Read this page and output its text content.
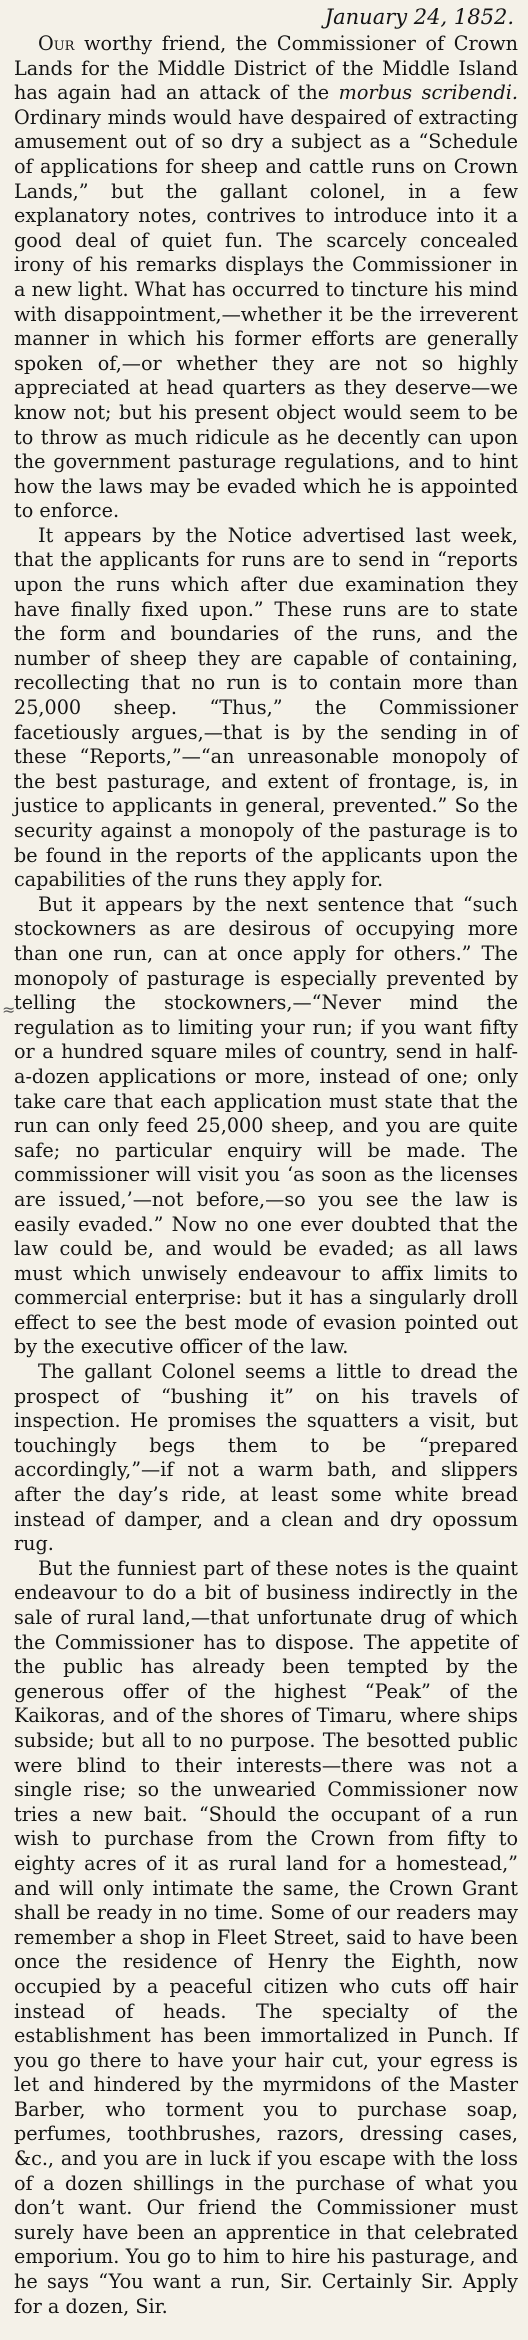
January 24, 1852.

Our worthy friend, the Commissioner of Crown Lands for the Middle District of the Middle Island has again had an attack of the morbus scribendi. Ordinary minds would have despaired of extracting amusement out of so dry a subject as a “Schedule of applications for sheep and cattle runs on Crown Lands,” but the gallant colonel, in a few explanatory notes, contrives to introduce into it a good deal of quiet fun. The scarcely concealed irony of his remarks displays the Commissioner in a new light. What has occurred to tincture his mind with disappointment,—whether it be the irreverent manner in which his former efforts are generally spoken of,—or whether they are not so highly appreciated at head quarters as they deserve—we know not; but his present object would seem to be to throw as much ridicule as he decently can upon the government pasturage regulations, and to hint how the laws may be evaded which he is appointed to enforce.

It appears by the Notice advertised last week, that the applicants for runs are to send in “reports upon the runs which after due examination they have finally fixed upon.” These runs are to state the form and boundaries of the runs, and the number of sheep they are capable of containing, recollecting that no run is to contain more than 25,000 sheep. “Thus,” the Commissioner facetiously argues,—that is by the sending in of these “Reports,”—“an unreasonable monopoly of the best pasturage, and extent of frontage, is, in justice to applicants in general, prevented.” So the security against a monopoly of the pasturage is to be found in the reports of the applicants upon the capabilities of the runs they apply for.

But it appears by the next sentence that “such stockowners as are desirous of occupying more than one run, can at once apply for others.” The monopoly of pasturage is especially prevented by telling the stockowners,—“Never mind the regulation as to limiting your run; if you want fifty or a hundred square miles of country, send in half-a-dozen applications or more, instead of one; only take care that each application must state that the run can only feed 25,000 sheep, and you are quite safe; no particular enquiry will be made. The commissioner will visit you ‘as soon as the licenses are issued,’—not before,—so you see the law is easily evaded.” Now no one ever doubted that the law could be, and would be evaded; as all laws must which unwisely endeavour to affix limits to commercial enterprise: but it has a singularly droll effect to see the best mode of evasion pointed out by the executive officer of the law.

The gallant Colonel seems a little to dread the prospect of “bushing it” on his travels of inspection. He promises the squatters a visit, but touchingly begs them to be “prepared accordingly,”—if not a warm bath, and slippers after the day’s ride, at least some white bread instead of damper, and a clean and dry opossum rug.

But the funniest part of these notes is the quaint endeavour to do a bit of business indirectly in the sale of rural land,—that unfortunate drug of which the Commissioner has to dispose. The appetite of the public has already been tempted by the generous offer of the highest “Peak” of the Kaikoras, and of the shores of Timaru, where ships subside; but all to no purpose. The besotted public were blind to their interests—there was not a single rise; so the unwearied Commissioner now tries a new bait. “Should the occupant of a run wish to purchase from the Crown from fifty to eighty acres of it as rural land for a homestead,” and will only intimate the same, the Crown Grant shall be ready in no time. Some of our readers may remember a shop in Fleet Street, said to have been once the residence of Henry the Eighth, now occupied by a peaceful citizen who cuts off hair instead of heads. The specialty of the establishment has been immortalized in Punch. If you go there to have your hair cut, your egress is let and hindered by the myrmidons of the Master Barber, who torment you to purchase soap, perfumes, toothbrushes, razors, dressing cases, &c., and you are in luck if you escape with the loss of a dozen shillings in the purchase of what you don’t want. Our friend the Commissioner must surely have been an apprentice in that celebrated emporium. You go to him to hire his pasturage, and he says “You want a run, Sir. Certainly Sir. Apply for a dozen, Sir.

≈
